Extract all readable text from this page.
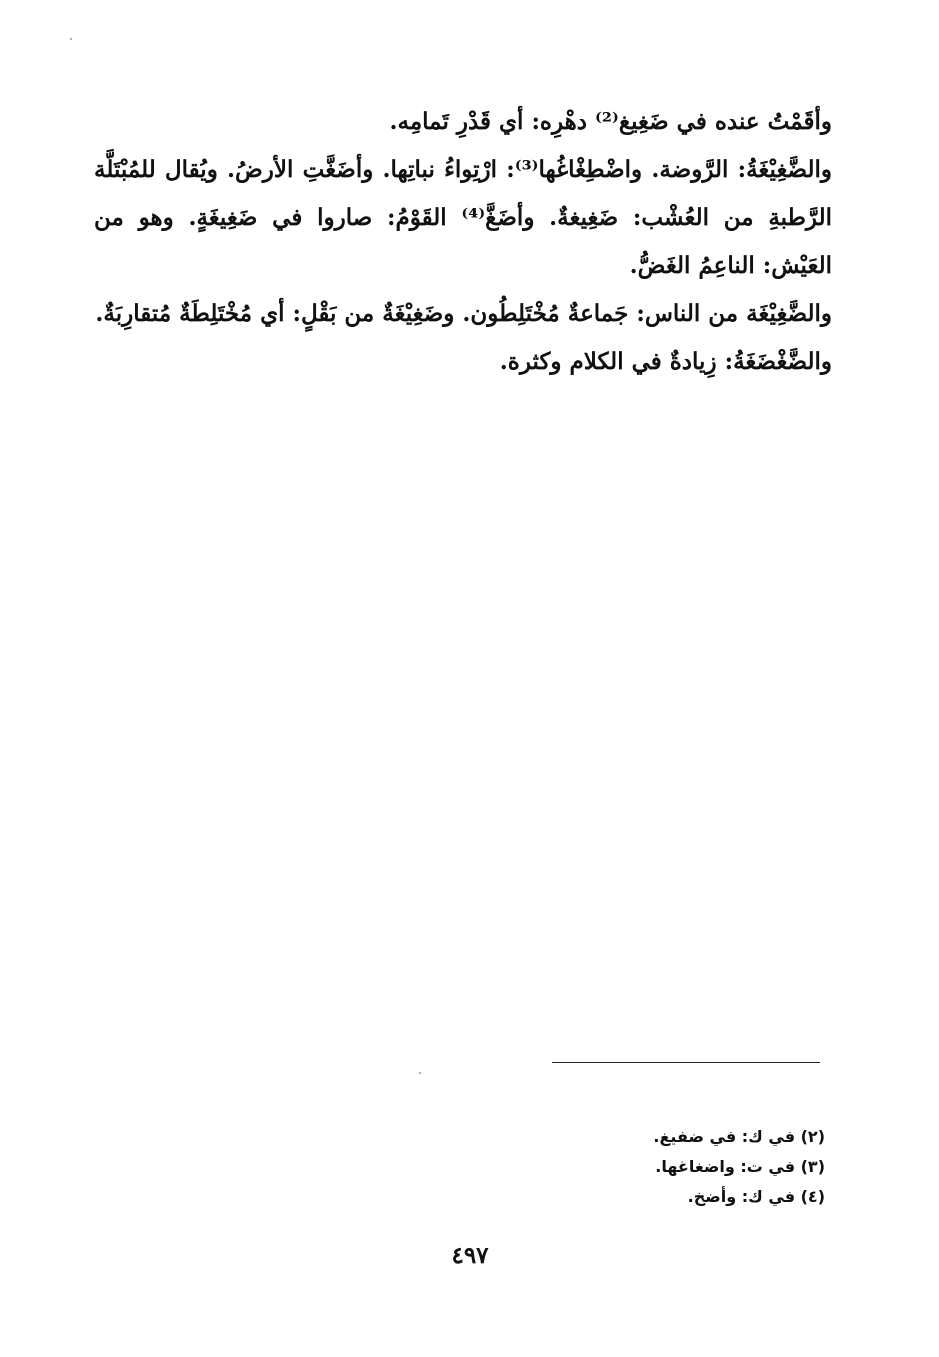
وأقَمْتُ عنده في ضَغِيغ⁽²⁾ دهْرِه: أي قَدْرِ تَمامِه.

والضَّغِيْغَةُ: الرَّوضة. واضْطِغْاغُها⁽³⁾: ارْتِواءُ نباتِها. وأضَغَّتِ الأرضُ. ويُقال للمُبْتَلَّة الرَّطبةِ من العُشْب: ضَغِيغةٌ. وأضَغَّ⁽⁴⁾ القَوْمُ: صاروا في ضَغِيغَةٍ. وهو من العَيْش: الناعِمُ الغَضُّ.

والضَّغِيْغَة من الناس: جَماعةٌ مُخْتَلِطُون. وضَغِيْغَةٌ من بَقْلٍ: أي مُخْتَلِطَةٌ مُتقارِبَةٌ.

والضَّغْضَغَةُ: زِيادةٌ في الكلام وكثرة.

(٢) في ك: في ضفيغ.

(٣) في ت: واضغاغها.

(٤) في ك: وأضخ.

٤٩٧
